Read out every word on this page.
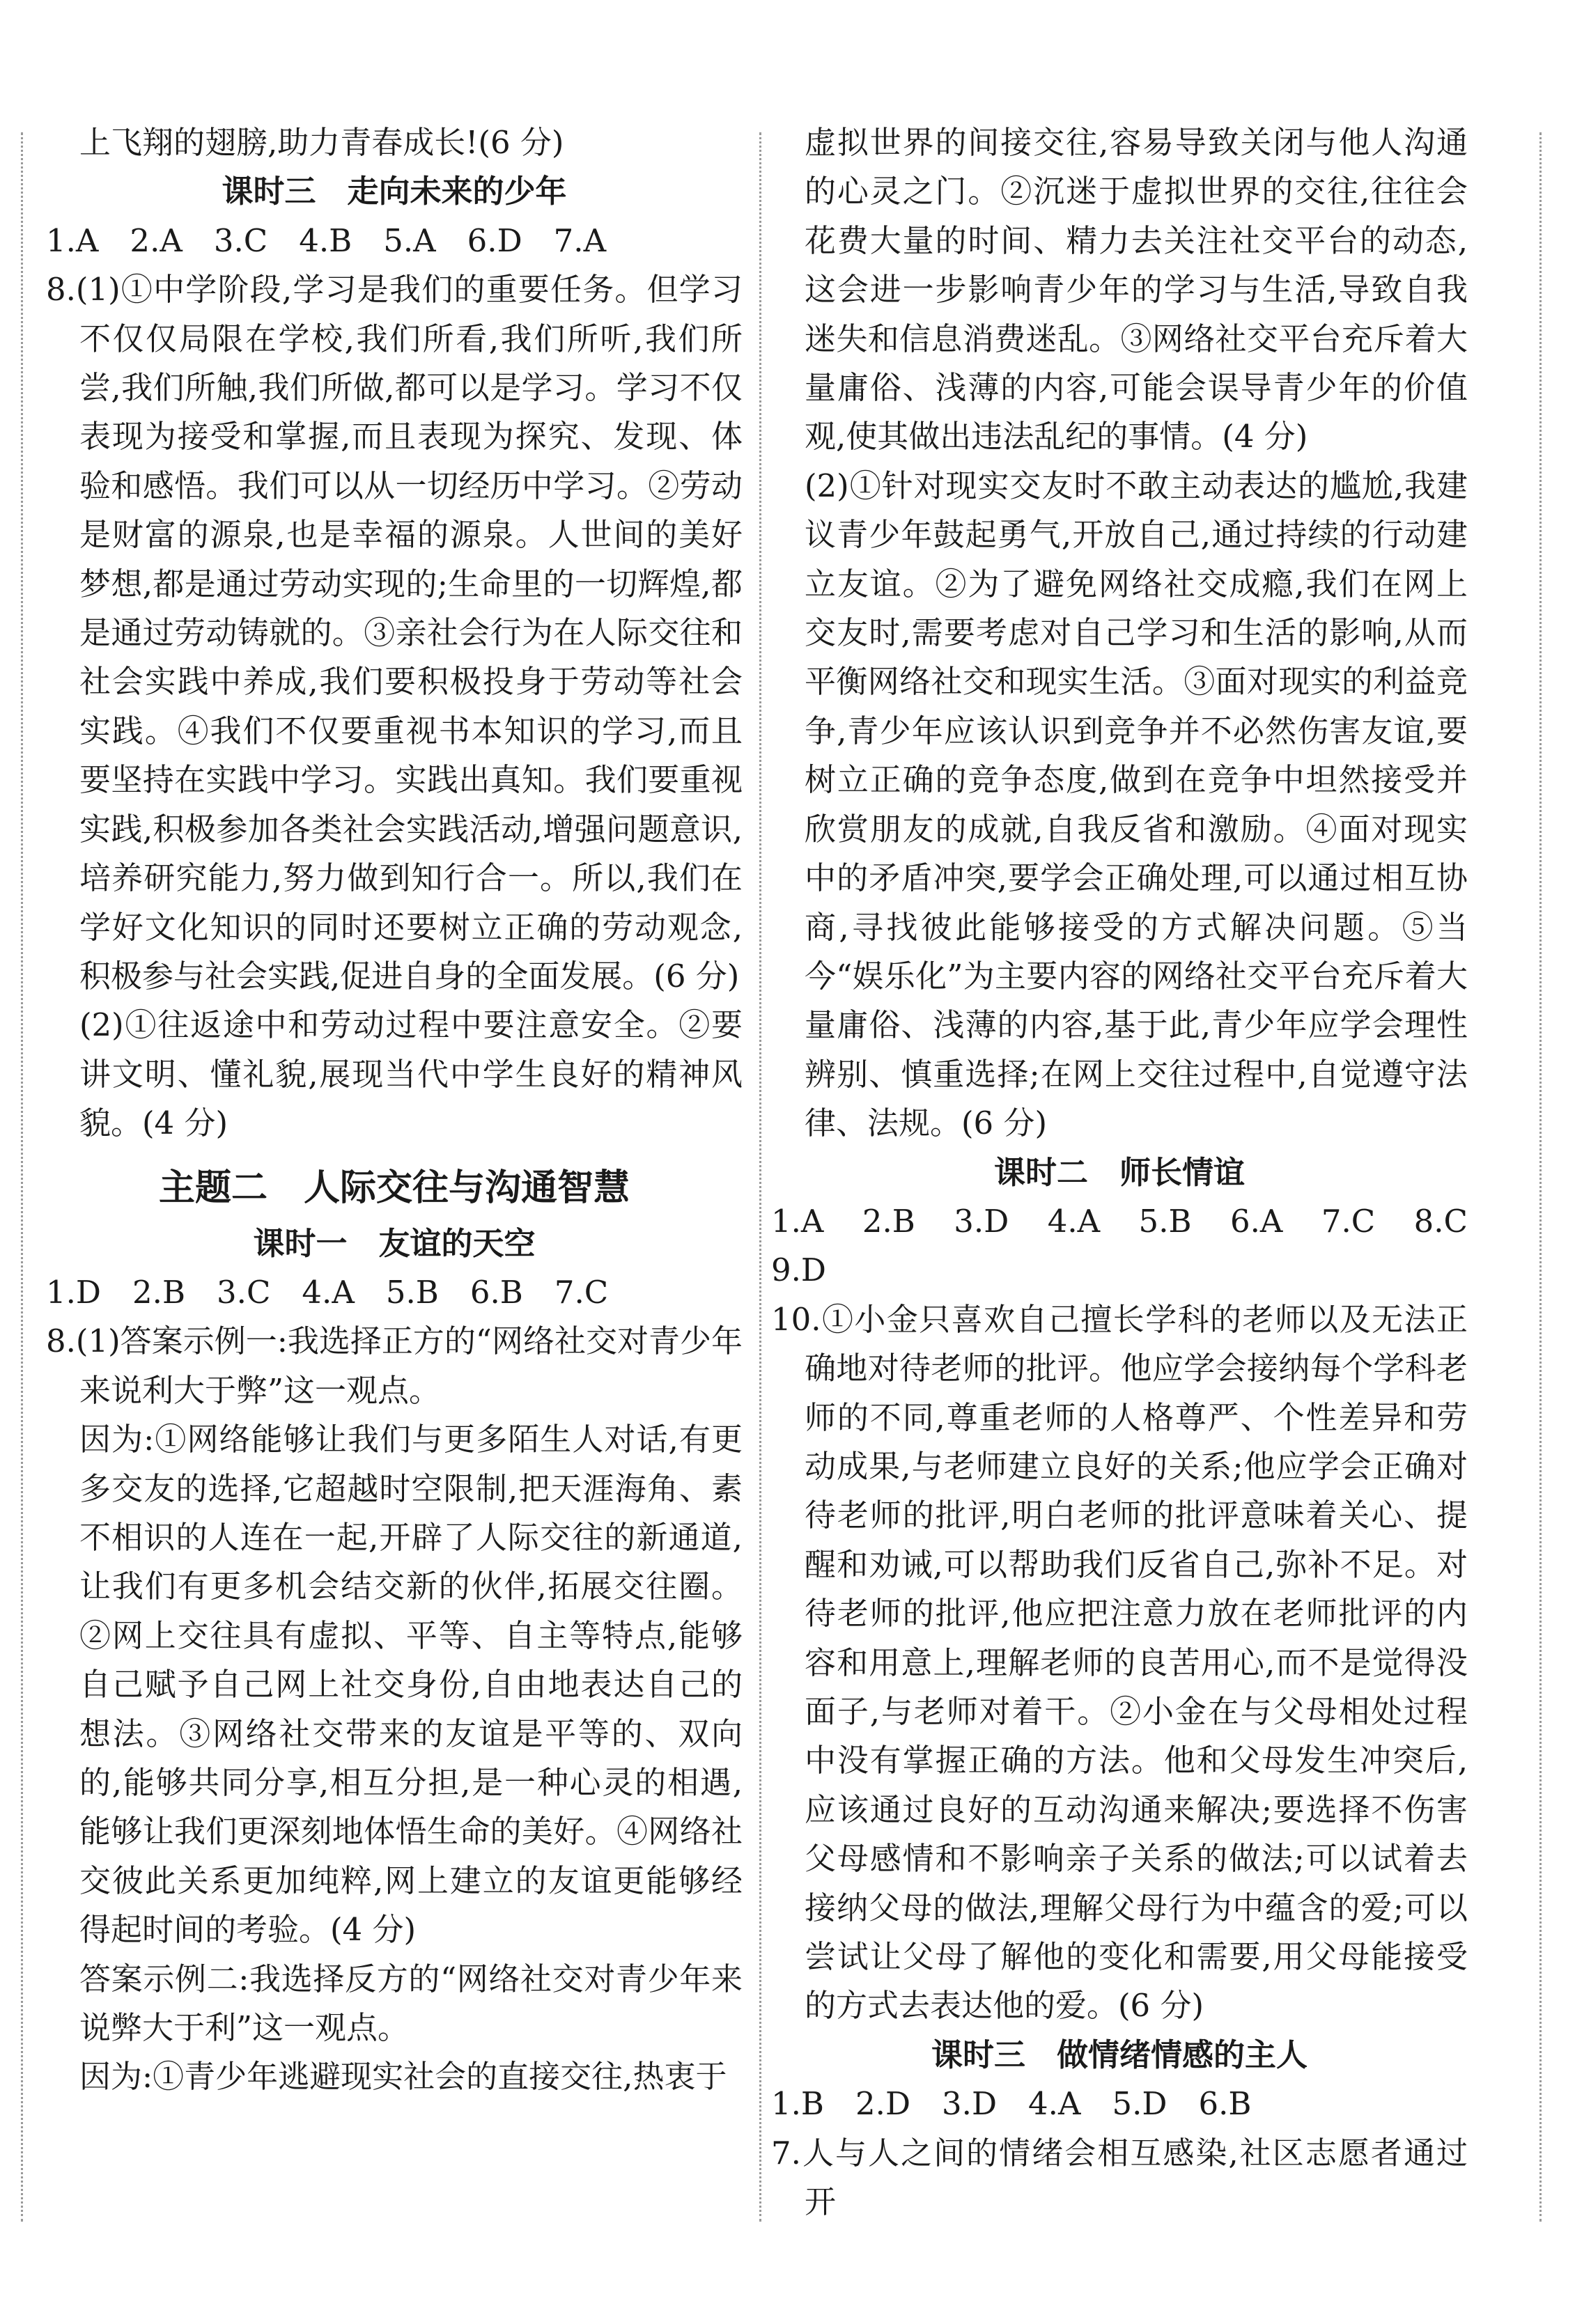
上飞翔的翅膀,助力青春成长!(6 分)

课时三　走向未来的少年

1.A　2.A　3.C　4.B　5.A　6.D　7.A

8.(1)①中学阶段,学习是我们的重要任务。但学习不仅仅局限在学校,我们所看,我们所听,我们所尝,我们所触,我们所做,都可以是学习。学习不仅表现为接受和掌握,而且表现为探究、发现、体验和感悟。我们可以从一切经历中学习。②劳动是财富的源泉,也是幸福的源泉。人世间的美好梦想,都是通过劳动实现的;生命里的一切辉煌,都是通过劳动铸就的。③亲社会行为在人际交往和社会实践中养成,我们要积极投身于劳动等社会实践。④我们不仅要重视书本知识的学习,而且要坚持在实践中学习。实践出真知。我们要重视实践,积极参加各类社会实践活动,增强问题意识,培养研究能力,努力做到知行合一。所以,我们在学好文化知识的同时还要树立正确的劳动观念,积极参与社会实践,促进自身的全面发展。(6 分)

(2)①往返途中和劳动过程中要注意安全。②要讲文明、懂礼貌,展现当代中学生良好的精神风貌。(4 分)

主题二　人际交往与沟通智慧

课时一　友谊的天空

1.D　2.B　3.C　4.A　5.B　6.B　7.C

8.(1)答案示例一:我选择正方的“网络社交对青少年来说利大于弊”这一观点。

因为:①网络能够让我们与更多陌生人对话,有更多交友的选择,它超越时空限制,把天涯海角、素不相识的人连在一起,开辟了人际交往的新通道,让我们有更多机会结交新的伙伴,拓展交往圈。②网上交往具有虚拟、平等、自主等特点,能够自己赋予自己网上社交身份,自由地表达自己的想法。③网络社交带来的友谊是平等的、双向的,能够共同分享,相互分担,是一种心灵的相遇,能够让我们更深刻地体悟生命的美好。④网络社交彼此关系更加纯粹,网上建立的友谊更能够经得起时间的考验。(4 分)

答案示例二:我选择反方的“网络社交对青少年来说弊大于利”这一观点。

因为:①青少年逃避现实社会的直接交往,热衷于

虚拟世界的间接交往,容易导致关闭与他人沟通的心灵之门。②沉迷于虚拟世界的交往,往往会花费大量的时间、精力去关注社交平台的动态,这会进一步影响青少年的学习与生活,导致自我迷失和信息消费迷乱。③网络社交平台充斥着大量庸俗、浅薄的内容,可能会误导青少年的价值观,使其做出违法乱纪的事情。(4 分)

(2)①针对现实交友时不敢主动表达的尴尬,我建议青少年鼓起勇气,开放自己,通过持续的行动建立友谊。②为了避免网络社交成瘾,我们在网上交友时,需要考虑对自己学习和生活的影响,从而平衡网络社交和现实生活。③面对现实的利益竞争,青少年应该认识到竞争并不必然伤害友谊,要树立正确的竞争态度,做到在竞争中坦然接受并欣赏朋友的成就,自我反省和激励。④面对现实中的矛盾冲突,要学会正确处理,可以通过相互协商,寻找彼此能够接受的方式解决问题。⑤当今“娱乐化”为主要内容的网络社交平台充斥着大量庸俗、浅薄的内容,基于此,青少年应学会理性辨别、慎重选择;在网上交往过程中,自觉遵守法律、法规。(6 分)

课时二　师长情谊

1.A　2.B　3.D　4.A　5.B　6.A　7.C　8.C　9.D

10.①小金只喜欢自己擅长学科的老师以及无法正确地对待老师的批评。他应学会接纳每个学科老师的不同,尊重老师的人格尊严、个性差异和劳动成果,与老师建立良好的关系;他应学会正确对待老师的批评,明白老师的批评意味着关心、提醒和劝诫,可以帮助我们反省自己,弥补不足。对待老师的批评,他应把注意力放在老师批评的内容和用意上,理解老师的良苦用心,而不是觉得没面子,与老师对着干。②小金在与父母相处过程中没有掌握正确的方法。他和父母发生冲突后,应该通过良好的互动沟通来解决;要选择不伤害父母感情和不影响亲子关系的做法;可以试着去接纳父母的做法,理解父母行为中蕴含的爱;可以尝试让父母了解他的变化和需要,用父母能接受的方式去表达他的爱。(6 分)

课时三　做情绪情感的主人

1.B　2.D　3.D　4.A　5.D　6.B

7.人与人之间的情绪会相互感染,社区志愿者通过开
